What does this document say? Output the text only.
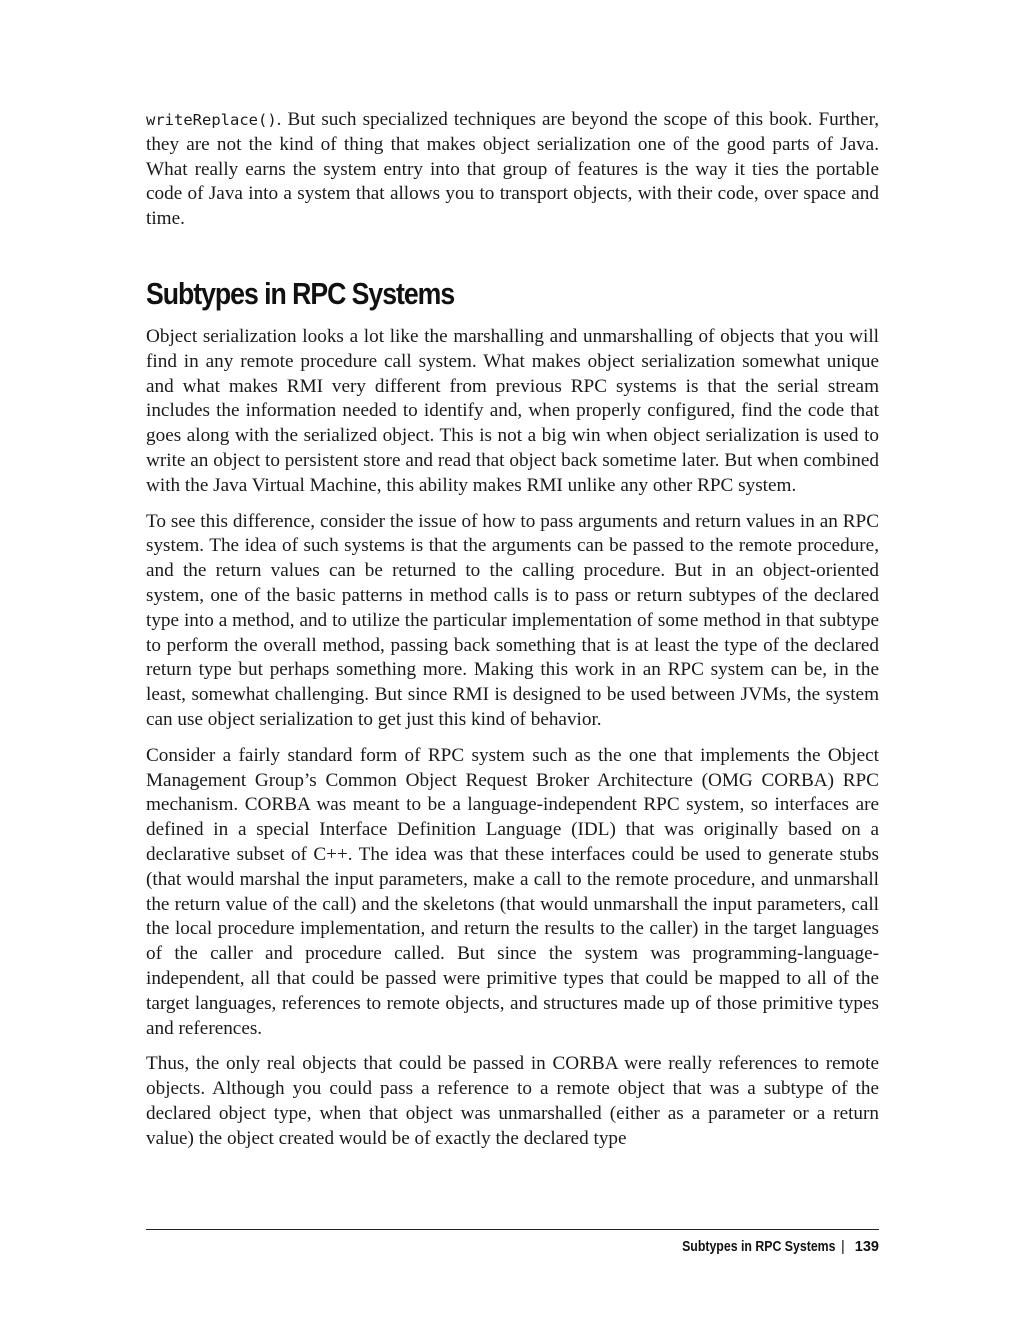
writeReplace(). But such specialized techniques are beyond the scope of this book. Further, they are not the kind of thing that makes object serialization one of the good parts of Java. What really earns the system entry into that group of features is the way it ties the portable code of Java into a system that allows you to transport objects, with their code, over space and time.

Subtypes in RPC Systems

Object serialization looks a lot like the marshalling and unmarshalling of objects that you will find in any remote procedure call system. What makes object serialization somewhat unique and what makes RMI very different from previous RPC systems is that the serial stream includes the information needed to identify and, when properly configured, find the code that goes along with the serialized object. This is not a big win when object serialization is used to write an object to persistent store and read that object back sometime later. But when combined with the Java Virtual Machine, this ability makes RMI unlike any other RPC system.

To see this difference, consider the issue of how to pass arguments and return values in an RPC system. The idea of such systems is that the arguments can be passed to the remote procedure, and the return values can be returned to the calling procedure. But in an object-oriented system, one of the basic patterns in method calls is to pass or return subtypes of the declared type into a method, and to utilize the particular implementation of some method in that subtype to perform the overall method, passing back something that is at least the type of the declared return type but perhaps something more. Making this work in an RPC system can be, in the least, somewhat challenging. But since RMI is designed to be used between JVMs, the system can use object serialization to get just this kind of behavior.

Consider a fairly standard form of RPC system such as the one that implements the Object Management Group’s Common Object Request Broker Architecture (OMG CORBA) RPC mechanism. CORBA was meant to be a language-independent RPC system, so interfaces are defined in a special Interface Definition Language (IDL) that was originally based on a declarative subset of C++. The idea was that these interfaces could be used to generate stubs (that would marshal the input parameters, make a call to the remote procedure, and unmarshall the return value of the call) and the skeletons (that would unmarshall the input parameters, call the local procedure implementation, and return the results to the caller) in the target languages of the caller and procedure called. But since the system was programming-language-independent, all that could be passed were primitive types that could be mapped to all of the target languages, references to remote objects, and structures made up of those primitive types and references.

Thus, the only real objects that could be passed in CORBA were really references to remote objects. Although you could pass a reference to a remote object that was a subtype of the declared object type, when that object was unmarshalled (either as a parameter or a return value) the object created would be of exactly the declared type

Subtypes in RPC Systems | 139
